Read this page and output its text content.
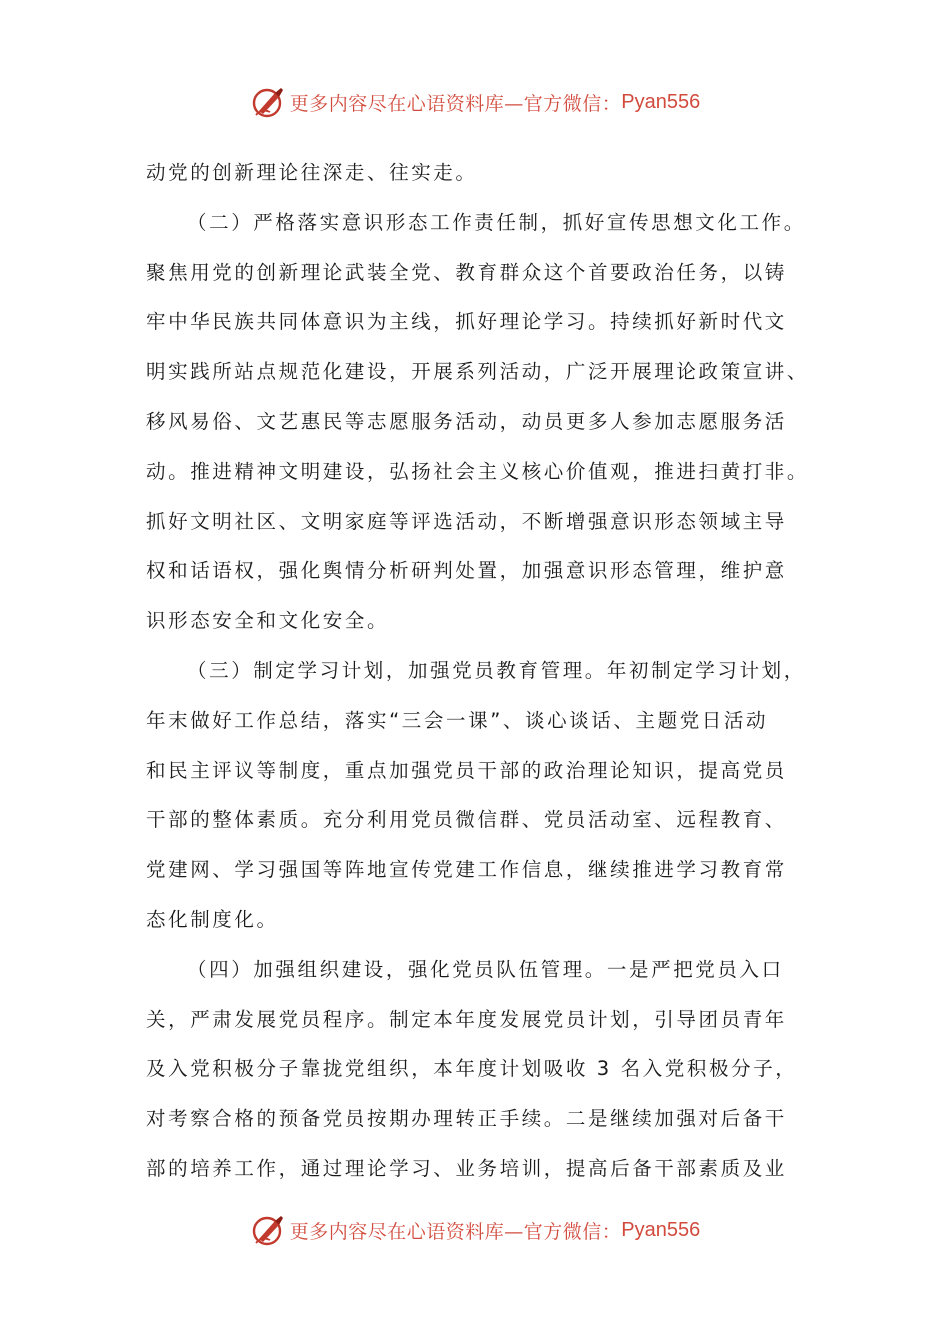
更多内容尽在心语资料库—官方微信： Pyan556
动党的创新理论往深走、往实走。
（二）严格落实意识形态工作责任制，抓好宣传思想文化工作。
聚焦用党的创新理论武装全党、教育群众这个首要政治任务，以铸
牢中华民族共同体意识为主线，抓好理论学习。持续抓好新时代文
明实践所站点规范化建设，开展系列活动，广泛开展理论政策宣讲、
移风易俗、文艺惠民等志愿服务活动，动员更多人参加志愿服务活
动。推进精神文明建设，弘扬社会主义核心价值观，推进扫黄打非。
抓好文明社区、文明家庭等评选活动，不断增强意识形态领域主导
权和话语权，强化舆情分析研判处置，加强意识形态管理，维护意
识形态安全和文化安全。
（三）制定学习计划，加强党员教育管理。年初制定学习计划，
年末做好工作总结，落实“三会一课”、谈心谈话、主题党日活动
和民主评议等制度，重点加强党员干部的政治理论知识，提高党员
干部的整体素质。充分利用党员微信群、党员活动室、远程教育、
党建网、学习强国等阵地宣传党建工作信息，继续推进学习教育常
态化制度化。
（四）加强组织建设，强化党员队伍管理。一是严把党员入口
关，严肃发展党员程序。制定本年度发展党员计划，引导团员青年
及入党积极分子靠拢党组织，本年度计划吸收 3 名入党积极分子，
对考察合格的预备党员按期办理转正手续。二是继续加强对后备干
部的培养工作，通过理论学习、业务培训，提高后备干部素质及业
更多内容尽在心语资料库—官方微信： Pyan556
